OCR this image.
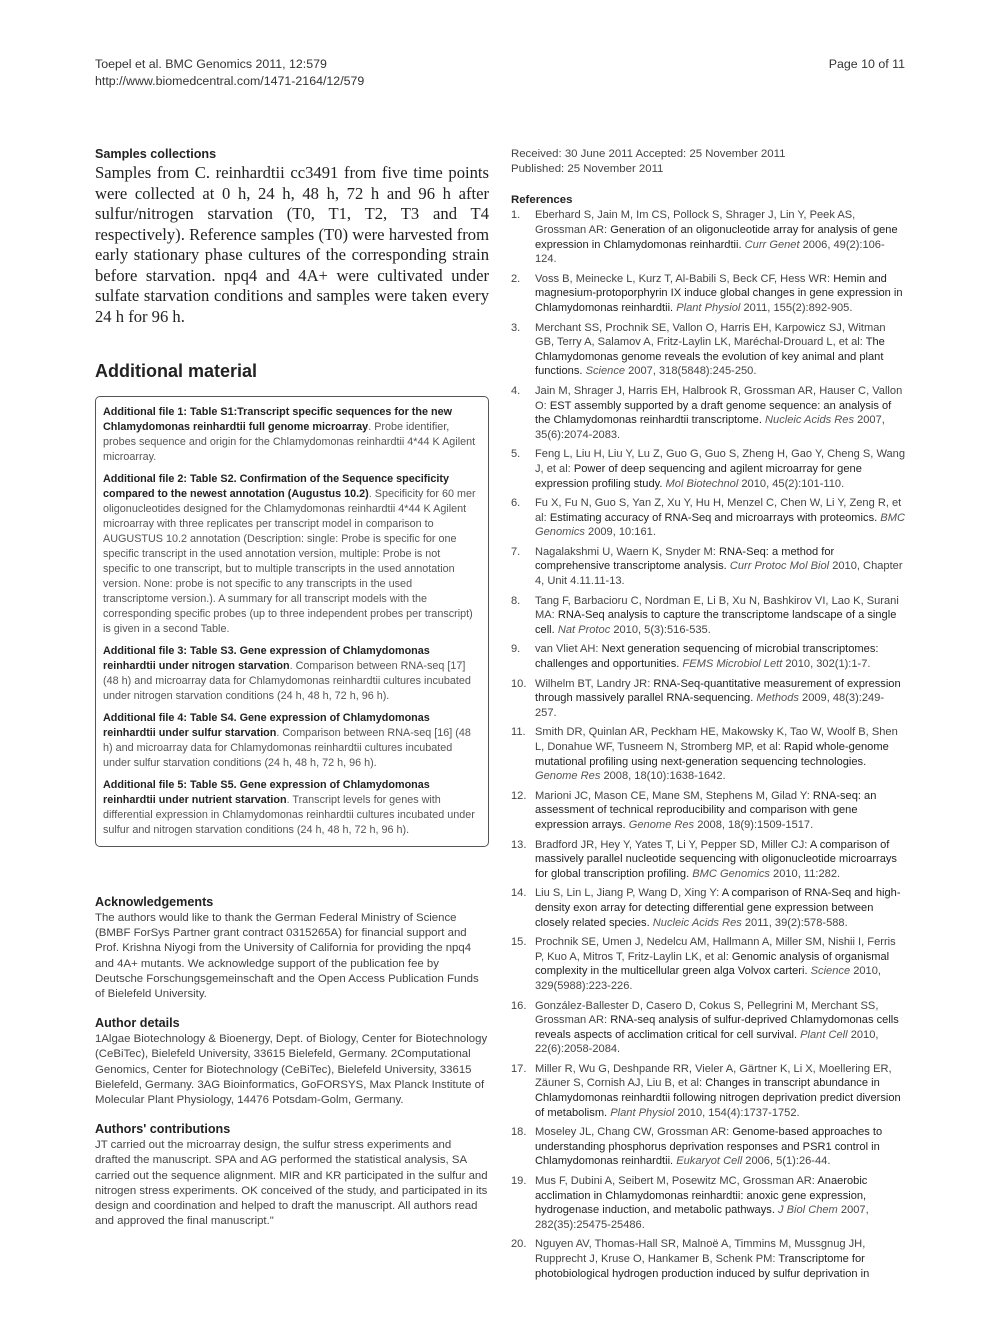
Toepel et al. BMC Genomics 2011, 12:579
http://www.biomedcentral.com/1471-2164/12/579
Page 10 of 11
Samples collections
Samples from C. reinhardtii cc3491 from five time points were collected at 0 h, 24 h, 48 h, 72 h and 96 h after sulfur/nitrogen starvation (T0, T1, T2, T3 and T4 respectively). Reference samples (T0) were harvested from early stationary phase cultures of the corresponding strain before starvation. npq4 and 4A+ were cultivated under sulfate starvation conditions and samples were taken every 24 h for 96 h.
Additional material

Additional file 1: Table S1:Transcript specific sequences for the new Chlamydomonas reinhardtii full genome microarray. Probe identifier, probes sequence and origin for the Chlamydomonas reinhardtii 4*44 K Agilent microarray.

Additional file 2: Table S2. Confirmation of the Sequence specificity compared to the newest annotation (Augustus 10.2). Specificity for 60 mer oligonucleotides designed for the Chlamydomonas reinhardtii 4*44 K Agilent microarray with three replicates per transcript model in comparison to AUGUSTUS 10.2 annotation (Description: single: Probe is specific for one specific transcript in the used annotation version, multiple: Probe is not specific to one transcript, but to multiple transcripts in the used annotation version. None: probe is not specific to any transcripts in the used transcriptome version.). A summary for all transcript models with the corresponding specific probes (up to three independent probes per transcript) is given in a second Table.

Additional file 3: Table S3. Gene expression of Chlamydomonas reinhardtii under nitrogen starvation. Comparison between RNA-seq [17] (48 h) and microarray data for Chlamydomonas reinhardtii cultures incubated under nitrogen starvation conditions (24 h, 48 h, 72 h, 96 h).

Additional file 4: Table S4. Gene expression of Chlamydomonas reinhardtii under sulfur starvation. Comparison between RNA-seq [16] (48 h) and microarray data for Chlamydomonas reinhardtii cultures incubated under sulfur starvation conditions (24 h, 48 h, 72 h, 96 h).

Additional file 5: Table S5. Gene expression of Chlamydomonas reinhardtii under nutrient starvation. Transcript levels for genes with differential expression in Chlamydomonas reinhardtii cultures incubated under sulfur and nitrogen starvation conditions (24 h, 48 h, 72 h, 96 h).

Acknowledgements
The authors would like to thank the German Federal Ministry of Science (BMBF ForSys Partner grant contract 0315265A) for financial support and Prof. Krishna Niyogi from the University of California for providing the npq4 and 4A+ mutants. We acknowledge support of the publication fee by Deutsche Forschungsgemeinschaft and the Open Access Publication Funds of Bielefeld University.
Author details
1Algae Biotechnology & Bioenergy, Dept. of Biology, Center for Biotechnology (CeBiTec), Bielefeld University, 33615 Bielefeld, Germany. 2Computational Genomics, Center for Biotechnology (CeBiTec), Bielefeld University, 33615 Bielefeld, Germany. 3AG Bioinformatics, GoFORSYS, Max Planck Institute of Molecular Plant Physiology, 14476 Potsdam-Golm, Germany.
Authors' contributions
JT carried out the microarray design, the sulfur stress experiments and drafted the manuscript. SPA and AG performed the statistical analysis, SA carried out the sequence alignment. MIR and KR participated in the sulfur and nitrogen stress experiments. OK conceived of the study, and participated in its design and coordination and helped to draft the manuscript. All authors read and approved the final manuscript."
Received: 30 June 2011 Accepted: 25 November 2011
Published: 25 November 2011
References
1. Eberhard S, Jain M, Im CS, Pollock S, Shrager J, Lin Y, Peek AS, Grossman AR: Generation of an oligonucleotide array for analysis of gene expression in Chlamydomonas reinhardtii. Curr Genet 2006, 49(2):106-124.
2. Voss B, Meinecke L, Kurz T, Al-Babili S, Beck CF, Hess WR: Hemin and magnesium-protoporphyrin IX induce global changes in gene expression in Chlamydomonas reinhardtii. Plant Physiol 2011, 155(2):892-905.
3. Merchant SS, Prochnik SE, Vallon O, Harris EH, Karpowicz SJ, Witman GB, Terry A, Salamov A, Fritz-Laylin LK, Maréchal-Drouard L, et al: The Chlamydomonas genome reveals the evolution of key animal and plant functions. Science 2007, 318(5848):245-250.
4. Jain M, Shrager J, Harris EH, Halbrook R, Grossman AR, Hauser C, Vallon O: EST assembly supported by a draft genome sequence: an analysis of the Chlamydomonas reinhardtii transcriptome. Nucleic Acids Res 2007, 35(6):2074-2083.
5. Feng L, Liu H, Liu Y, Lu Z, Guo G, Guo S, Zheng H, Gao Y, Cheng S, Wang J, et al: Power of deep sequencing and agilent microarray for gene expression profiling study. Mol Biotechnol 2010, 45(2):101-110.
6. Fu X, Fu N, Guo S, Yan Z, Xu Y, Hu H, Menzel C, Chen W, Li Y, Zeng R, et al: Estimating accuracy of RNA-Seq and microarrays with proteomics. BMC Genomics 2009, 10:161.
7. Nagalakshmi U, Waern K, Snyder M: RNA-Seq: a method for comprehensive transcriptome analysis. Curr Protoc Mol Biol 2010, Chapter 4, Unit 4.11.11-13.
8. Tang F, Barbacioru C, Nordman E, Li B, Xu N, Bashkirov VI, Lao K, Surani MA: RNA-Seq analysis to capture the transcriptome landscape of a single cell. Nat Protoc 2010, 5(3):516-535.
9. van Vliet AH: Next generation sequencing of microbial transcriptomes: challenges and opportunities. FEMS Microbiol Lett 2010, 302(1):1-7.
10. Wilhelm BT, Landry JR: RNA-Seq-quantitative measurement of expression through massively parallel RNA-sequencing. Methods 2009, 48(3):249-257.
11. Smith DR, Quinlan AR, Peckham HE, Makowsky K, Tao W, Woolf B, Shen L, Donahue WF, Tusneem N, Stromberg MP, et al: Rapid whole-genome mutational profiling using next-generation sequencing technologies. Genome Res 2008, 18(10):1638-1642.
12. Marioni JC, Mason CE, Mane SM, Stephens M, Gilad Y: RNA-seq: an assessment of technical reproducibility and comparison with gene expression arrays. Genome Res 2008, 18(9):1509-1517.
13. Bradford JR, Hey Y, Yates T, Li Y, Pepper SD, Miller CJ: A comparison of massively parallel nucleotide sequencing with oligonucleotide microarrays for global transcription profiling. BMC Genomics 2010, 11:282.
14. Liu S, Lin L, Jiang P, Wang D, Xing Y: A comparison of RNA-Seq and high-density exon array for detecting differential gene expression between closely related species. Nucleic Acids Res 2011, 39(2):578-588.
15. Prochnik SE, Umen J, Nedelcu AM, Hallmann A, Miller SM, Nishii I, Ferris P, Kuo A, Mitros T, Fritz-Laylin LK, et al: Genomic analysis of organismal complexity in the multicellular green alga Volvox carteri. Science 2010, 329(5988):223-226.
16. González-Ballester D, Casero D, Cokus S, Pellegrini M, Merchant SS, Grossman AR: RNA-seq analysis of sulfur-deprived Chlamydomonas cells reveals aspects of acclimation critical for cell survival. Plant Cell 2010, 22(6):2058-2084.
17. Miller R, Wu G, Deshpande RR, Vieler A, Gärtner K, Li X, Moellering ER, Zäuner S, Cornish AJ, Liu B, et al: Changes in transcript abundance in Chlamydomonas reinhardtii following nitrogen deprivation predict diversion of metabolism. Plant Physiol 2010, 154(4):1737-1752.
18. Moseley JL, Chang CW, Grossman AR: Genome-based approaches to understanding phosphorus deprivation responses and PSR1 control in Chlamydomonas reinhardtii. Eukaryot Cell 2006, 5(1):26-44.
19. Mus F, Dubini A, Seibert M, Posewitz MC, Grossman AR: Anaerobic acclimation in Chlamydomonas reinhardtii: anoxic gene expression, hydrogenase induction, and metabolic pathways. J Biol Chem 2007, 282(35):25475-25486.
20. Nguyen AV, Thomas-Hall SR, Malnoë A, Timmins M, Mussgnug JH, Rupprecht J, Kruse O, Hankamer B, Schenk PM: Transcriptome for photobiological hydrogen production induced by sulfur deprivation in
